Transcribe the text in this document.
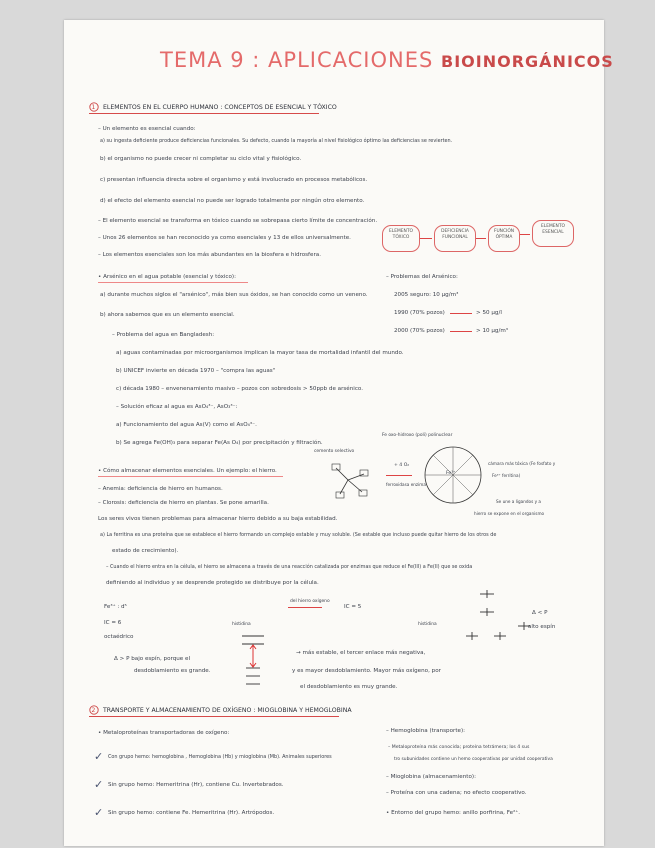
TEMA 9 : APLICACIONES BIOINORGÁNICOS
1 ELEMENTOS EN EL CUERPO HUMANO : CONCEPTOS DE ESENCIAL Y TÓXICO
– Un elemento es esencial cuando:
a) su ingesta deficiente produce deficiencias funcionales. Su defecto, cuando la mayoría al nivel fisiológico óptimo las deficiencias se revierten.
b) el organismo no puede crecer ni completar su ciclo vital y fisiológico.
c) presentan influencia directa sobre el organismo y está involucrado en procesos metabólicos.
d) el efecto del elemento esencial no puede ser logrado totalmente por ningún otro elemento.
– El elemento esencial se transforma en tóxico cuando se sobrepasa cierto límite de concentración.
– Unos 26 elementos se han reconocido ya como esenciales y 13 de ellos universalmente.
– Los elementos esenciales son los más abundantes en la biosfera e hidrosfera.
ELEMENTO TÓXICO
DEFICIENCIA FUNCIONAL
FUNCIÓN ÓPTIMA
ELEMENTO ESENCIAL
• Arsénico en el agua potable (esencial y tóxico):
a) durante muchos siglos el "arsénico", más bien sus óxidos, se han conocido como un veneno.
b) ahora sabemos que es un elemento esencial.
– Problema del agua en Bangladesh:
a) aguas contaminadas por microorganismos implican la mayor tasa de mortalidad infantil del mundo.
b) UNICEF invierte en década 1970 – "compra las aguas"
c) década 1980 – envenenamiento masivo – pozos con sobredosis > 50ppb de arsénico.
– Solución eficaz al agua es AsO₄³⁻, AsO₃³⁻:
a) Funcionamiento del agua As(V) como el AsO₄³⁻.
b) Se agrega Fe(OH)₃ para separar Fe(As O₄) por precipitación y filtración.
– Problemas del Arsénico:
2005 seguro: 10 μg/m³
1990 (70% pozos)	> 50 μg/l
2000 (70% pozos)	> 10 μg/m³
• Cómo almacenar elementos esenciales. Un ejemplo: el hierro.
– Anemia: deficiencia de hierro en humanos.
– Clorosis: deficiencia de hierro en plantas. Se pone amarilla.
Los seres vivos tienen problemas para almacenar hierro debido a su baja estabilidad.
a) La ferritina es una proteína que se establece el hierro formando un complejo estable y muy soluble. (Se estable que incluso puede quitar hierro de los otros de
estado de crecimiento).
– Cuando el hierro entra en la célula, el hierro se almacena a través de una reacción catalizada por enzimas que reduce el Fe(III) a Fe(II) que se oxida
definiendo al individuo y se desprende protegido se distribuye por la célula.
Fe oxo-hidroxo (poli) polinuclear
cemento selectivo
+ 4 O₂
ferroxidasa enzima
Fe³⁺
cámara más tóxica (Fe fosfato y
Fe³⁺ ferritina)
Se une a ligandos y a
hierro se expone en el organismo
Fe³⁺ : d⁵
IC = 6
octaédrico
histidina
del hierro oxígeno
IC = 5
histidina
Δ < P
alto espín
Δ > P bajo espín, porque el
desdoblamiento es grande.
→ más estable, el tercer enlace más negativa,
y es mayor desdoblamiento. Mayor más oxígeno, por
el desdoblamiento es muy grande.
2 TRANSPORTE Y ALMACENAMIENTO DE OXÍGENO : MIOGLOBINA Y HEMOGLOBINA
• Metaloproteínas transportadoras de oxígeno:
✓ Con grupo hemo: hemoglobina , Hemoglobina (Hb) y mioglobina (Mb). Animales superiores
✓ Sin grupo hemo: Hemeritrina (Hr), contiene Cu. Invertebrados.
✓ Sin grupo hemo: contiene Fe. Hemeritrina (Hr). Artrópodos.
– Hemoglobina (transporte):
– Metaloproteína más conocida; proteína tetrámera; los 4 sus
tro subunidades contiene un hemo cooperativas por unidad cooperativa
– Mioglobina (almacenamiento):
– Proteína con una cadena; no efecto cooperativo.
• Entorno del grupo hemo: anillo porfirina, Fe²⁺.
